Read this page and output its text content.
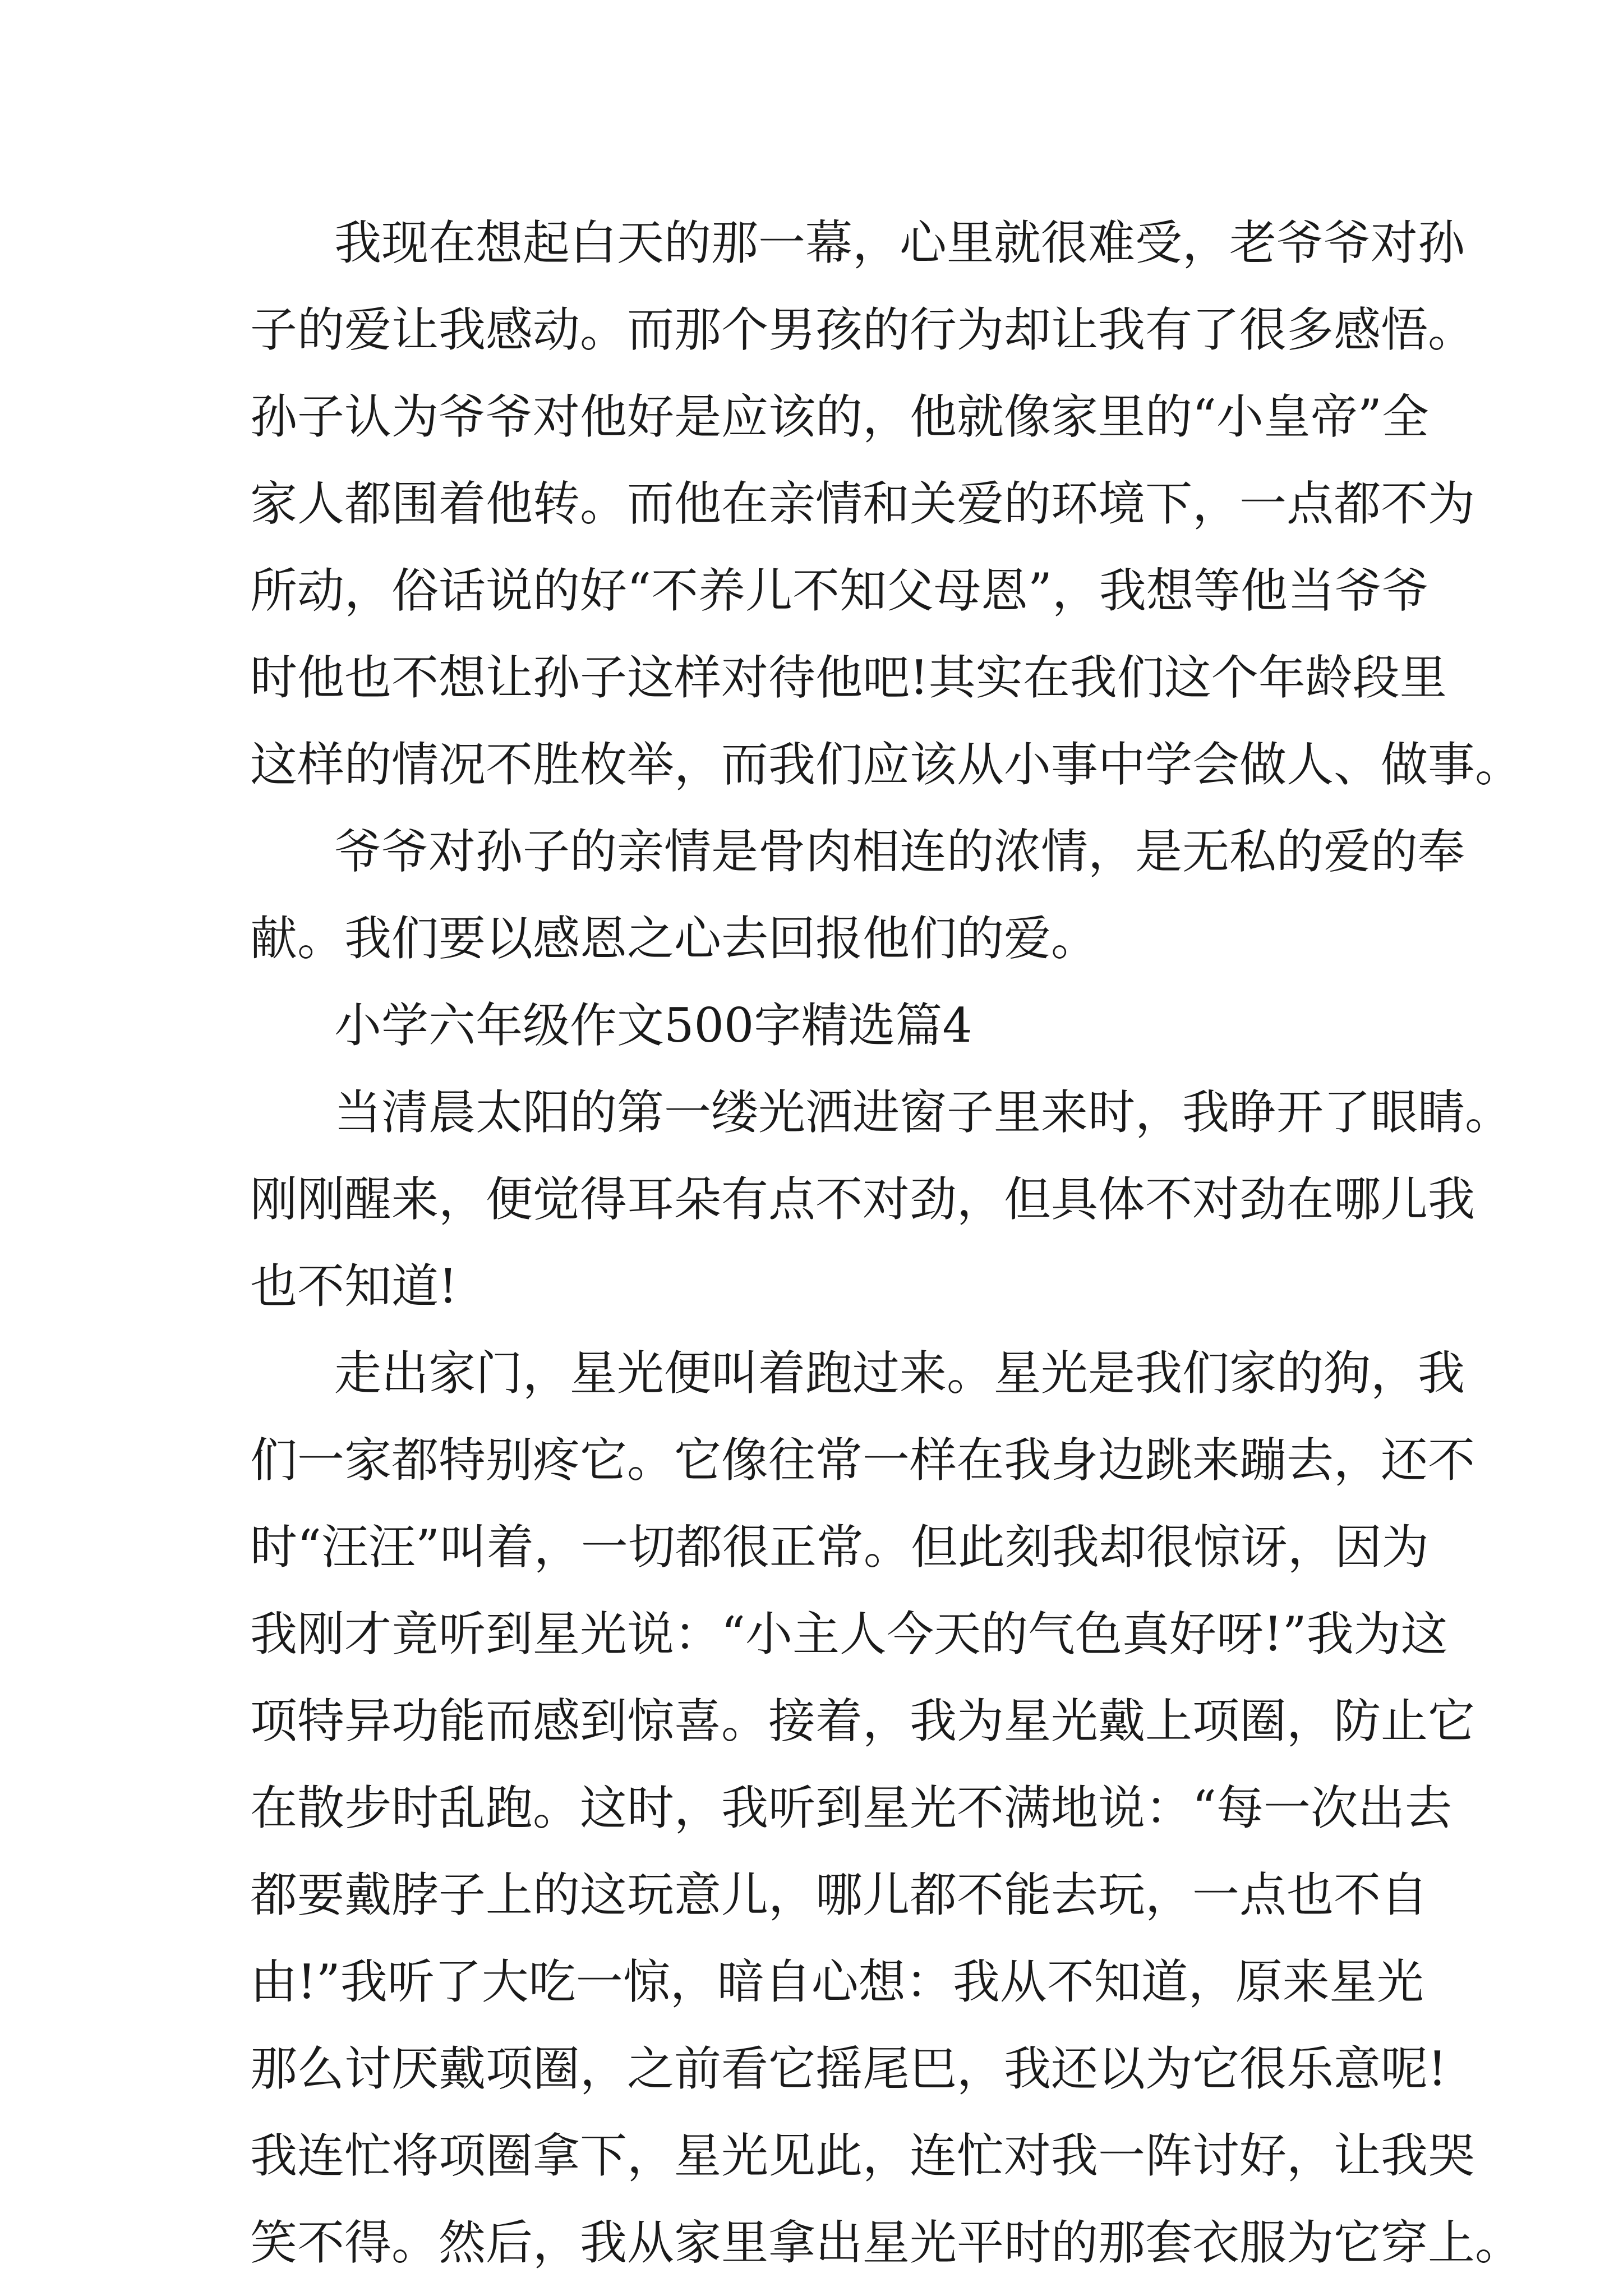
我现在想起白天的那一幕，心里就很难受，老爷爷对孙
子的爱让我感动。而那个男孩的行为却让我有了很多感悟。
孙子认为爷爷对他好是应该的，他就像家里的“小皇帝”全
家人都围着他转。而他在亲情和关爱的环境下，一点都不为
所动，俗话说的好“不养儿不知父母恩”，我想等他当爷爷
时他也不想让孙子这样对待他吧!其实在我们这个年龄段里
这样的情况不胜枚举，而我们应该从小事中学会做人、做事。
爷爷对孙子的亲情是骨肉相连的浓情，是无私的爱的奉
献。我们要以感恩之心去回报他们的爱。
小学六年级作文500字精选篇4
当清晨太阳的第一缕光洒进窗子里来时，我睁开了眼睛。
刚刚醒来，便觉得耳朵有点不对劲，但具体不对劲在哪儿我
也不知道!
走出家门，星光便叫着跑过来。星光是我们家的狗，我
们一家都特别疼它。它像往常一样在我身边跳来蹦去，还不
时“汪汪”叫着，一切都很正常。但此刻我却很惊讶，因为
我刚才竟听到星光说：“小主人今天的气色真好呀!”我为这
项特异功能而感到惊喜。接着，我为星光戴上项圈，防止它
在散步时乱跑。这时，我听到星光不满地说：“每一次出去
都要戴脖子上的这玩意儿，哪儿都不能去玩，一点也不自
由!”我听了大吃一惊，暗自心想：我从不知道，原来星光
那么讨厌戴项圈，之前看它摇尾巴，我还以为它很乐意呢!
我连忙将项圈拿下，星光见此，连忙对我一阵讨好，让我哭
笑不得。然后，我从家里拿出星光平时的那套衣服为它穿上。
